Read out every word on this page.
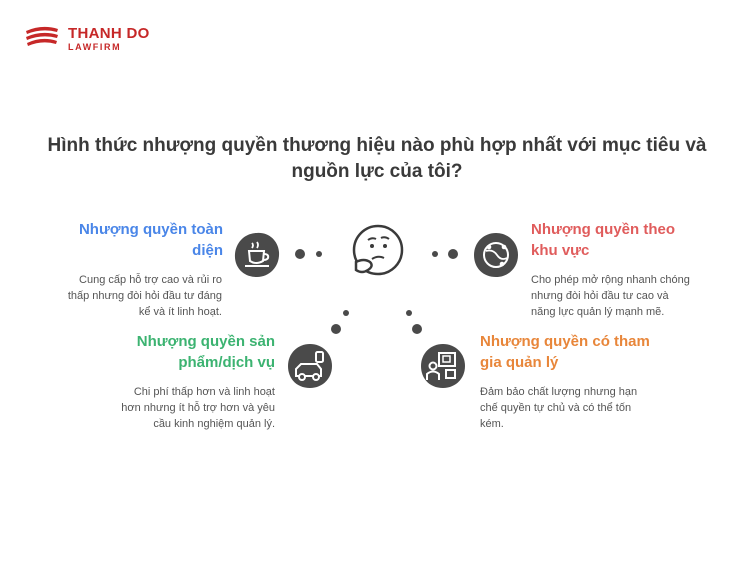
THANH DO
LAWFIRM
Hình thức nhượng quyền thương hiệu nào phù hợp nhất với mục tiêu và
nguồn lực của tôi?
Nhượng quyền toàn
diện
Cung cấp hỗ trợ cao và rủi ro
thấp nhưng đòi hỏi đầu tư đáng
kể và ít linh hoạt.
Nhượng quyền theo
khu vực
Cho phép mở rộng nhanh chóng
nhưng đòi hỏi đầu tư cao và
năng lực quản lý mạnh mẽ.
Nhượng quyền sản
phẩm/dịch vụ
Chi phí thấp hơn và linh hoạt
hơn nhưng ít hỗ trợ hơn và yêu
cầu kinh nghiệm quản lý.
Nhượng quyền có tham
gia quản lý
Đảm bảo chất lượng nhưng hạn
chế quyền tự chủ và có thể tốn
kém.
